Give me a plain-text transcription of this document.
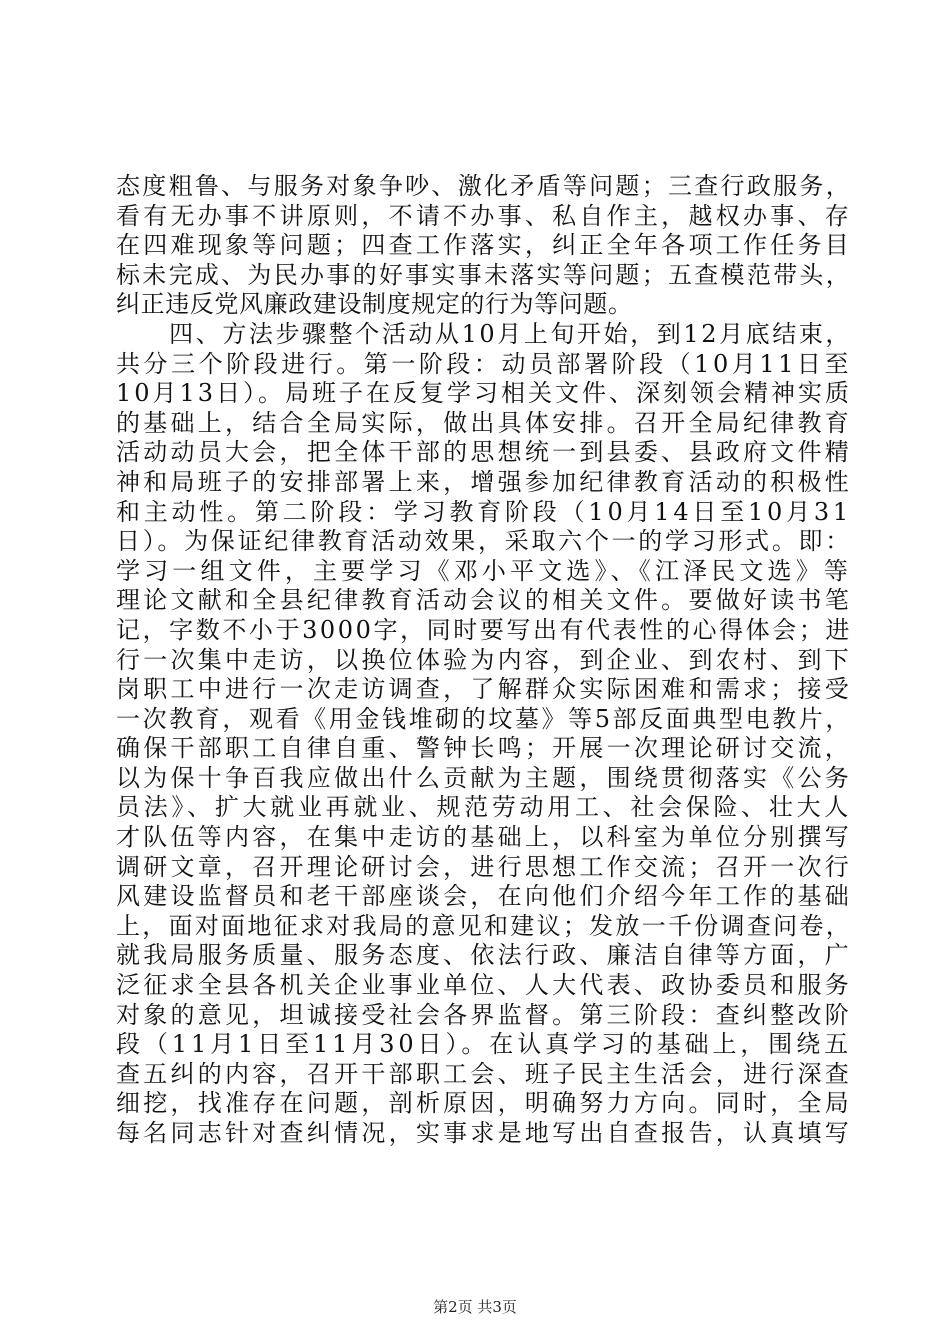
态度粗鲁、与服务对象争吵、激化矛盾等问题；三查行政服务，
看有无办事不讲原则，不请不办事、私自作主，越权办事、存
在四难现象等问题；四查工作落实，纠正全年各项工作任务目
标未完成、为民办事的好事实事未落实等问题；五查模范带头，
纠正违反党风廉政建设制度规定的行为等问题。
　　四、方法步骤整个活动从10月上旬开始，到12月底结束，
共分三个阶段进行。第一阶段：动员部署阶段（10月11日至
10月13日）。局班子在反复学习相关文件、深刻领会精神实质
的基础上，结合全局实际，做出具体安排。召开全局纪律教育
活动动员大会，把全体干部的思想统一到县委、县政府文件精
神和局班子的安排部署上来，增强参加纪律教育活动的积极性
和主动性。第二阶段：学习教育阶段（10月14日至10月31
日）。为保证纪律教育活动效果，采取六个一的学习形式。即：
学习一组文件，主要学习《邓小平文选》、《江泽民文选》等
理论文献和全县纪律教育活动会议的相关文件。要做好读书笔
记，字数不小于3000字，同时要写出有代表性的心得体会；进
行一次集中走访，以换位体验为内容，到企业、到农村、到下
岗职工中进行一次走访调查，了解群众实际困难和需求；接受
一次教育，观看《用金钱堆砌的坟墓》等5部反面典型电教片，
确保干部职工自律自重、警钟长鸣；开展一次理论研讨交流，
以为保十争百我应做出什么贡献为主题，围绕贯彻落实《公务
员法》、扩大就业再就业、规范劳动用工、社会保险、壮大人
才队伍等内容，在集中走访的基础上，以科室为单位分别撰写
调研文章，召开理论研讨会，进行思想工作交流；召开一次行
风建设监督员和老干部座谈会，在向他们介绍今年工作的基础
上，面对面地征求对我局的意见和建议；发放一千份调查问卷，
就我局服务质量、服务态度、依法行政、廉洁自律等方面，广
泛征求全县各机关企业事业单位、人大代表、政协委员和服务
对象的意见，坦诚接受社会各界监督。第三阶段：查纠整改阶
段（11月1日至11月30日）。在认真学习的基础上，围绕五
查五纠的内容，召开干部职工会、班子民主生活会，进行深查
细挖，找准存在问题，剖析原因，明确努力方向。同时，全局
每名同志针对查纠情况，实事求是地写出自查报告，认真填写
第2页 共3页
